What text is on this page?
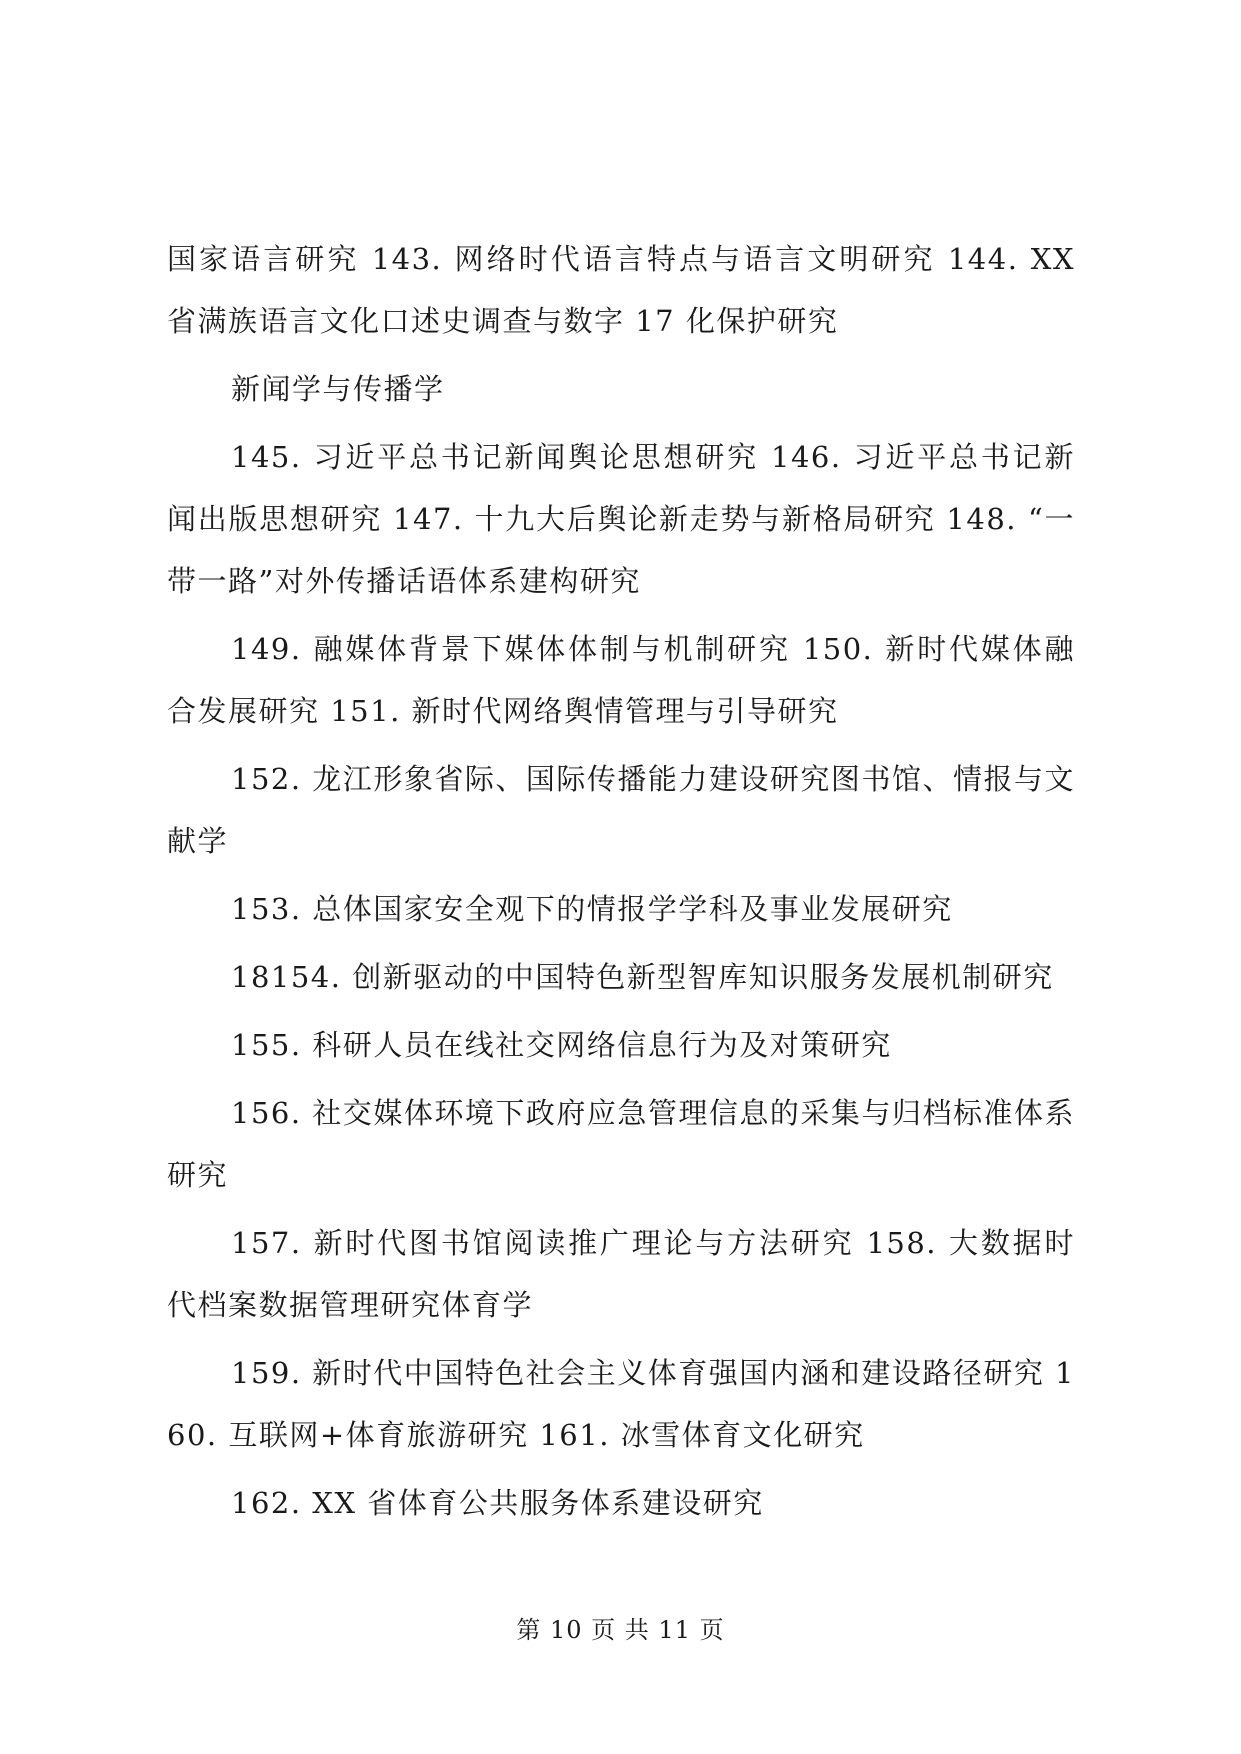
国家语言研究 143. 网络时代语言特点与语言文明研究 144. XX 省满族语言文化口述史调查与数字 17 化保护研究

新闻学与传播学

145. 习近平总书记新闻舆论思想研究 146. 习近平总书记新闻出版思想研究 147. 十九大后舆论新走势与新格局研究 148. “一带一路”对外传播话语体系建构研究

149. 融媒体背景下媒体体制与机制研究 150. 新时代媒体融合发展研究 151. 新时代网络舆情管理与引导研究

152. 龙江形象省际、国际传播能力建设研究图书馆、情报与文献学

153. 总体国家安全观下的情报学学科及事业发展研究

18154. 创新驱动的中国特色新型智库知识服务发展机制研究

155. 科研人员在线社交网络信息行为及对策研究

156. 社交媒体环境下政府应急管理信息的采集与归档标准体系研究

157. 新时代图书馆阅读推广理论与方法研究 158. 大数据时代档案数据管理研究体育学

159. 新时代中国特色社会主义体育强国内涵和建设路径研究 160. 互联网+体育旅游研究 161. 冰雪体育文化研究

162. XX 省体育公共服务体系建设研究

第 10 页 共 11 页
